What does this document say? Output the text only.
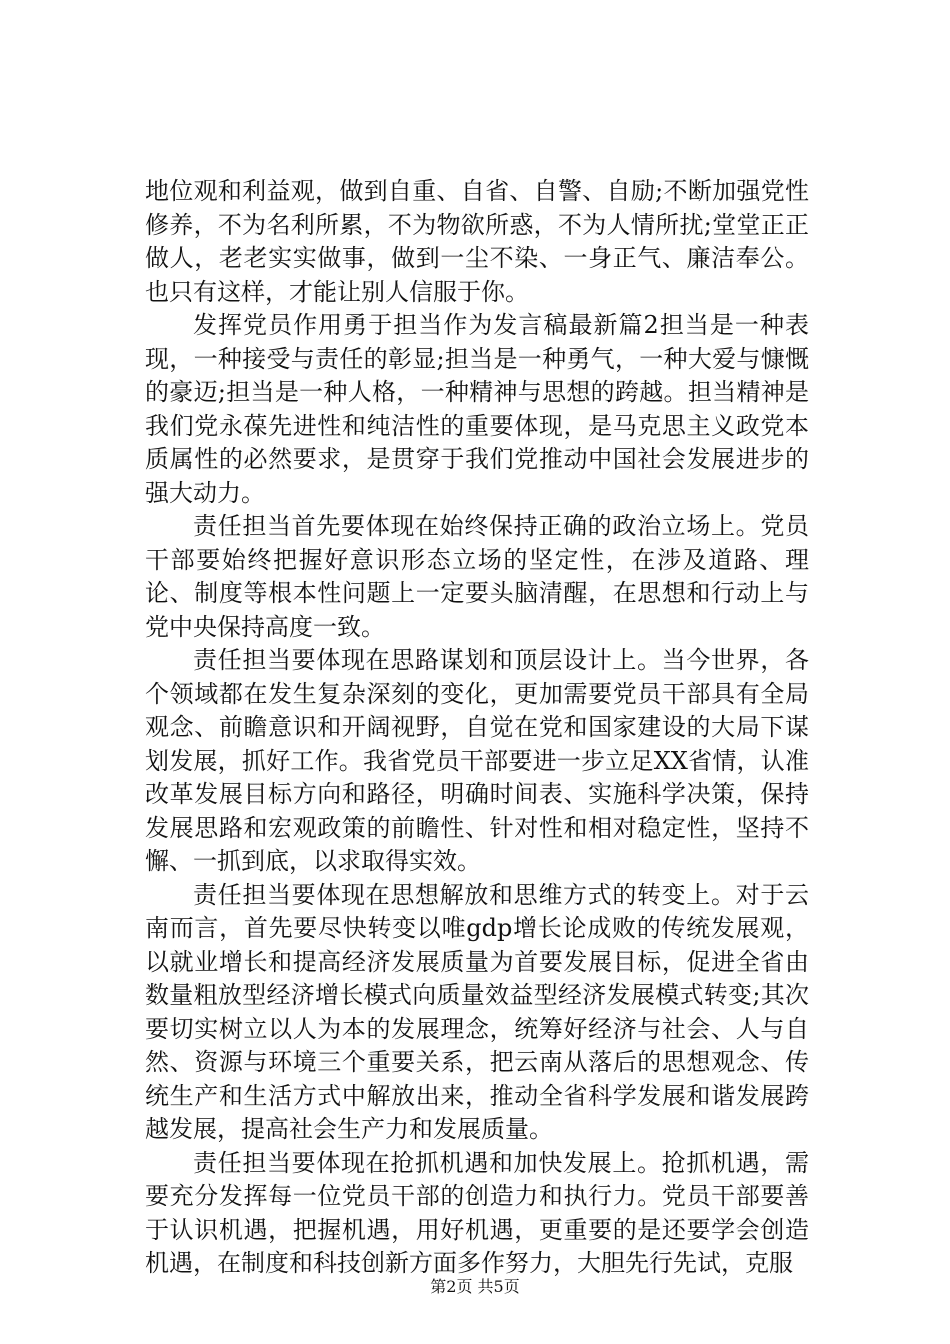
地位观和利益观，做到自重、自省、自警、自励;不断加强党性修养，不为名利所累，不为物欲所惑，不为人情所扰;堂堂正正做人，老老实实做事，做到一尘不染、一身正气、廉洁奉公。也只有这样，才能让别人信服于你。

发挥党员作用勇于担当作为发言稿最新篇2担当是一种表现，一种接受与责任的彰显;担当是一种勇气，一种大爱与慷慨的豪迈;担当是一种人格，一种精神与思想的跨越。担当精神是我们党永葆先进性和纯洁性的重要体现，是马克思主义政党本质属性的必然要求，是贯穿于我们党推动中国社会发展进步的强大动力。

责任担当首先要体现在始终保持正确的政治立场上。党员干部要始终把握好意识形态立场的坚定性，在涉及道路、理论、制度等根本性问题上一定要头脑清醒，在思想和行动上与党中央保持高度一致。

责任担当要体现在思路谋划和顶层设计上。当今世界，各个领域都在发生复杂深刻的变化，更加需要党员干部具有全局观念、前瞻意识和开阔视野，自觉在党和国家建设的大局下谋划发展，抓好工作。我省党员干部要进一步立足XX省情，认准改革发展目标方向和路径，明确时间表、实施科学决策，保持发展思路和宏观政策的前瞻性、针对性和相对稳定性，坚持不懈、一抓到底，以求取得实效。

责任担当要体现在思想解放和思维方式的转变上。对于云南而言，首先要尽快转变以唯gdp增长论成败的传统发展观，以就业增长和提高经济发展质量为首要发展目标，促进全省由数量粗放型经济增长模式向质量效益型经济发展模式转变;其次要切实树立以人为本的发展理念，统筹好经济与社会、人与自然、资源与环境三个重要关系，把云南从落后的思想观念、传统生产和生活方式中解放出来，推动全省科学发展和谐发展跨越发展，提高社会生产力和发展质量。

责任担当要体现在抢抓机遇和加快发展上。抢抓机遇，需要充分发挥每一位党员干部的创造力和执行力。党员干部要善于认识机遇，把握机遇，用好机遇，更重要的是还要学会创造机遇，在制度和科技创新方面多作努力，大胆先行先试，克服

第2页 共5页
